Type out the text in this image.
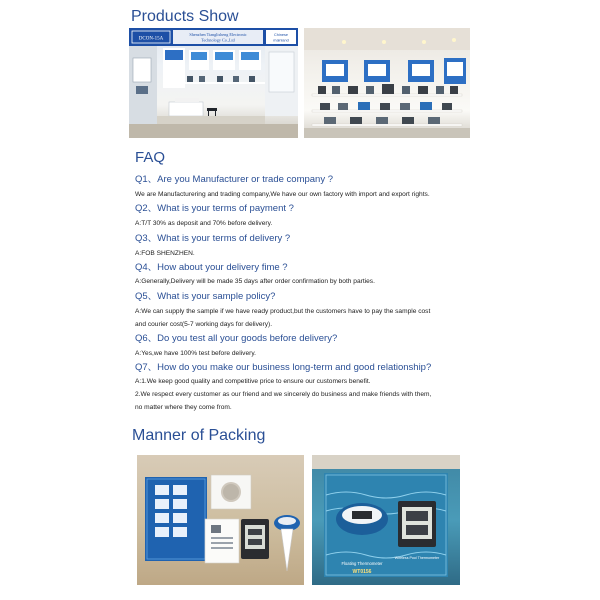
Products Show
DCON-15A
Shenzhen Tianglisheng Electronic
Technology Co.,Ltd
Chinese
mainland
FAQ
Q1、Are you Manufacturer or trade company ?
We are Manufacturering and trading company,We have our own factory with import and export rights.
Q2、What is your terms of payment ?
A:T/T 30% as deposit and 70% before delivery.
Q3、What is your terms of delivery ?
A:FOB SHENZHEN.
Q4、How about your delivery fime ?
A:Generally,Delivery will be made 35 days after order confirmation by both parties.
Q5、What is your sample policy?
A:We can supply the sample if we have ready product,but the customers have to pay the sample cost
and courier cost(5-7 working days for delivery).
Q6、Do you test all your goods before delivery?
A:Yes,we have 100% test before delivery.
Q7、How do you make our business long-term and good relationship?
A:1.We keep good quality and competitive price to ensure our customers benefit.
2.We respect every customer as our friend and we sincerely do business and make friends with them,
no matter where they come from.
Manner of Packing
Floating Thermometer
Wireless Pool Thermometer
WT0156
